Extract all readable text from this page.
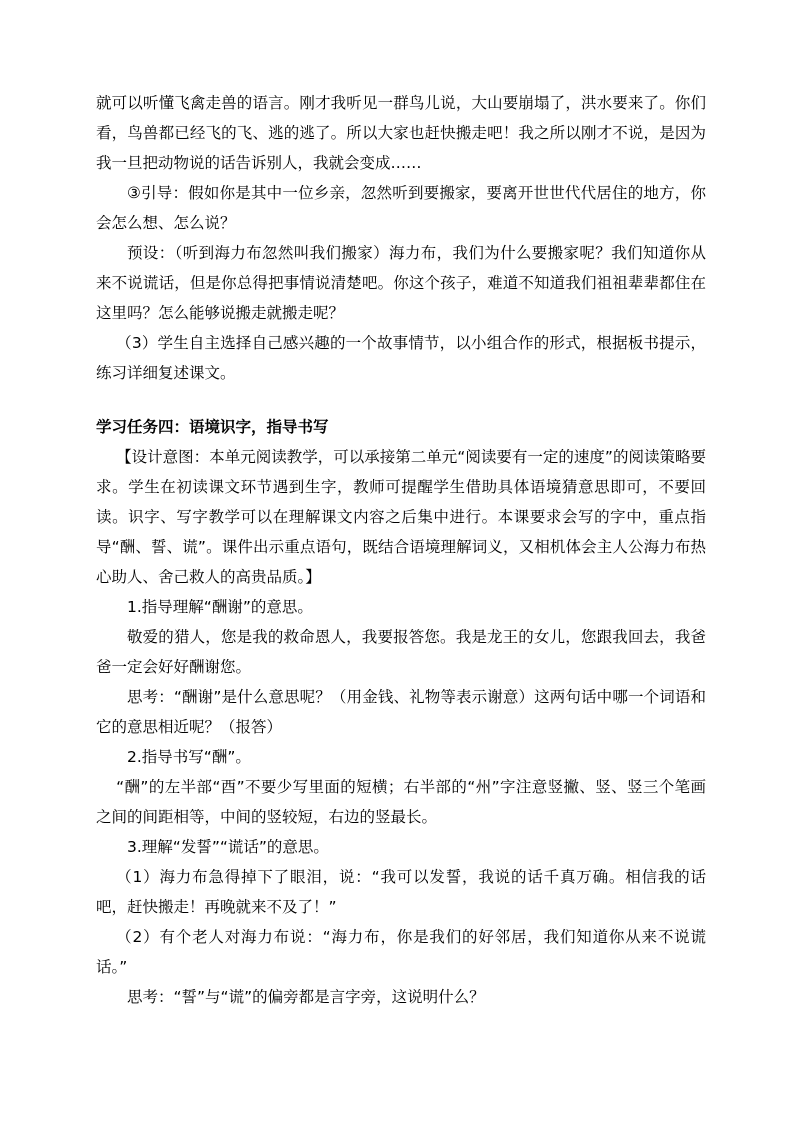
就可以听懂飞禽走兽的语言。刚才我听见一群鸟儿说，大山要崩塌了，洪水要来了。你们看，鸟兽都已经飞的飞、逃的逃了。所以大家也赶快搬走吧！我之所以刚才不说，是因为我一旦把动物说的话告诉别人，我就会变成……

③引导：假如你是其中一位乡亲，忽然听到要搬家，要离开世世代代居住的地方，你会怎么想、怎么说？

预设：（听到海力布忽然叫我们搬家）海力布，我们为什么要搬家呢？我们知道你从来不说谎话，但是你总得把事情说清楚吧。你这个孩子，难道不知道我们祖祖辈辈都住在这里吗？怎么能够说搬走就搬走呢？

（3）学生自主选择自己感兴趣的一个故事情节，以小组合作的形式，根据板书提示，练习详细复述课文。

学习任务四：语境识字，指导书写

【设计意图：本单元阅读教学，可以承接第二单元“阅读要有一定的速度”的阅读策略要求。学生在初读课文环节遇到生字，教师可提醒学生借助具体语境猜意思即可，不要回读。识字、写字教学可以在理解课文内容之后集中进行。本课要求会写的字中，重点指导“酬、誓、谎”。课件出示重点语句，既结合语境理解词义，又相机体会主人公海力布热心助人、舍己救人的高贵品质。】

1.指导理解“酬谢”的意思。

敬爱的猎人，您是我的救命恩人，我要报答您。我是龙王的女儿，您跟我回去，我爸爸一定会好好酬谢您。

思考：“酬谢”是什么意思呢？（用金钱、礼物等表示谢意）这两句话中哪一个词语和它的意思相近呢？（报答）

2.指导书写“酬”。

“酬”的左半部“酉”不要少写里面的短横；右半部的“州”字注意竖撇、竖、竖三个笔画之间的间距相等，中间的竖较短，右边的竖最长。

3.理解“发誓”“谎话”的意思。

（1）海力布急得掉下了眼泪，说：“我可以发誓，我说的话千真万确。相信我的话吧，赶快搬走！再晚就来不及了！”

（2）有个老人对海力布说：“海力布，你是我们的好邻居，我们知道你从来不说谎话。”

思考：“誓”与“谎”的偏旁都是言字旁，这说明什么？
